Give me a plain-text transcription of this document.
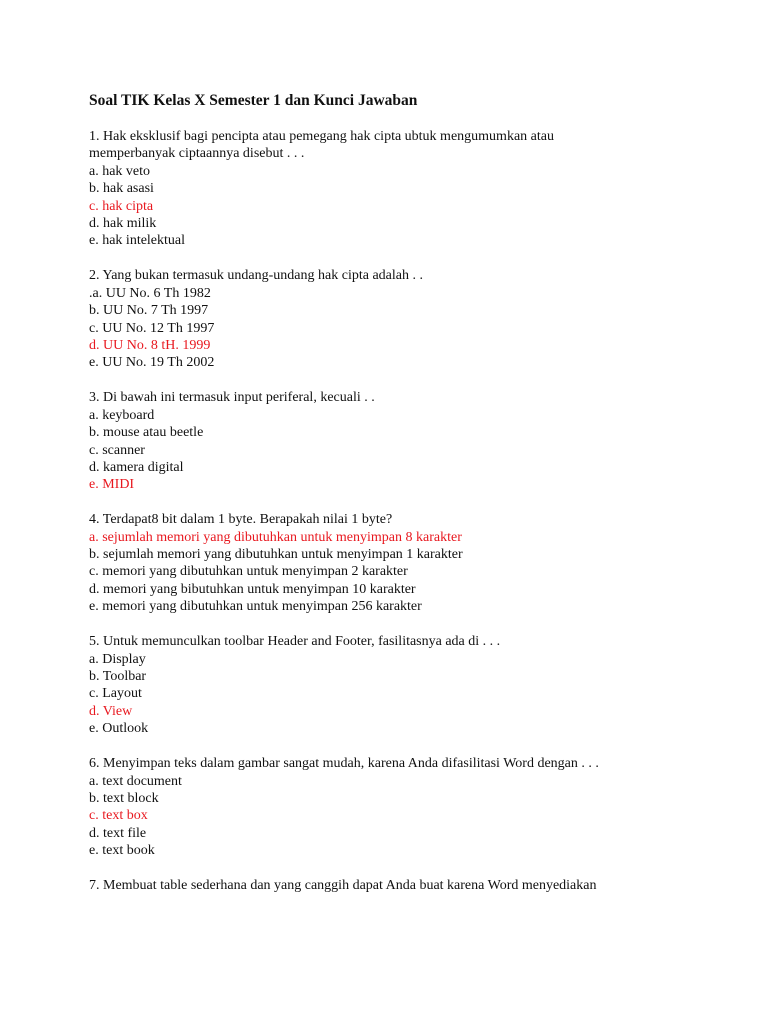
Soal TIK Kelas X Semester 1 dan Kunci Jawaban
1. Hak eksklusif bagi pencipta atau pemegang hak cipta ubtuk mengumumkan atau
memperbanyak ciptaannya disebut . . .
a. hak veto
b. hak asasi
c. hak cipta
d. hak milik
e. hak intelektual
2. Yang bukan termasuk undang-undang hak cipta adalah . .
.a. UU No. 6 Th 1982
b. UU No. 7 Th 1997
c. UU No. 12 Th 1997
d. UU No. 8 tH. 1999
e. UU No. 19 Th 2002
3. Di bawah ini termasuk input periferal, kecuali . .
a. keyboard
b. mouse atau beetle
c. scanner
d. kamera digital
e. MIDI
4. Terdapat8 bit dalam 1 byte. Berapakah nilai 1 byte?
a. sejumlah memori yang dibutuhkan untuk menyimpan 8 karakter
b. sejumlah memori yang dibutuhkan untuk menyimpan 1 karakter
c. memori yang dibutuhkan untuk menyimpan 2 karakter
d. memori yang bibutuhkan untuk menyimpan 10 karakter
e. memori yang dibutuhkan untuk menyimpan 256 karakter
5. Untuk memunculkan toolbar Header and Footer, fasilitasnya ada di . . .
a. Display
b. Toolbar
c. Layout
d. View
e. Outlook
6. Menyimpan teks dalam gambar sangat mudah, karena Anda difasilitasi Word dengan . . .
a. text document
b. text block
c. text box
d. text file
e. text book
7. Membuat table sederhana dan yang canggih dapat Anda buat karena Word menyediakan
